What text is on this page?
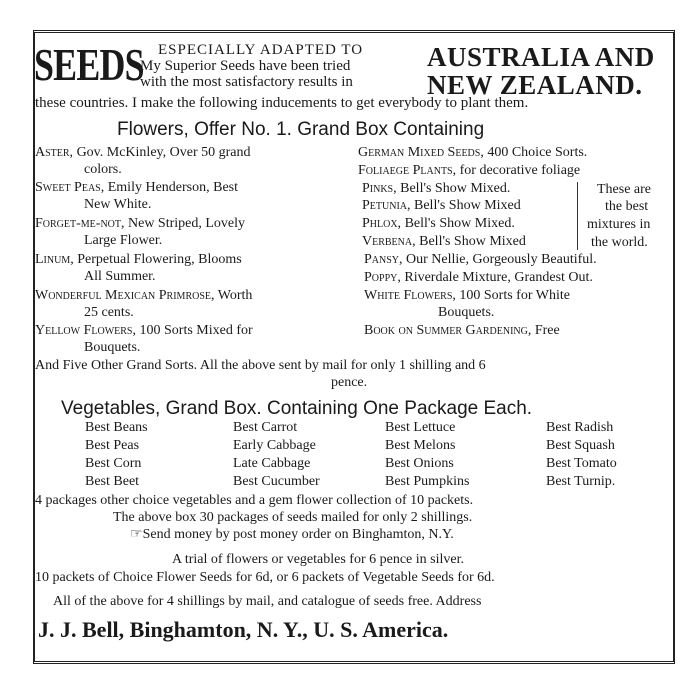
SEEDS ESPECIALLY ADAPTED TO
My Superior Seeds have been tried
with the most satisfactory results in
AUSTRALIA AND
NEW ZEALAND.
these countries. I make the following inducements to get everybody to plant them.
Flowers, Offer No. 1. Grand Box Containing
Aster, Gov. McKinley, Over 50 grand
colors.
Sweet Peas, Emily Henderson, Best
New White.
Forget-me-not, New Striped, Lovely
Large Flower.
Linum, Perpetual Flowering, Blooms
All Summer.
Wonderful Mexican Primrose, Worth
25 cents.
Yellow Flowers, 100 Sorts Mixed for
Bouquets.
German Mixed Seeds, 400 Choice Sorts.
Foliaege Plants, for decorative foliage
Pinks, Bell's Show Mixed.
Petunia, Bell's Show Mixed
Phlox, Bell's Show Mixed.
Verbena, Bell's Show Mixed
These are
the best
mixtures in
the world.
Pansy, Our Nellie, Gorgeously Beautiful.
Poppy, Riverdale Mixture, Grandest Out.
White Flowers, 100 Sorts for White
Bouquets.
Book on Summer Gardening, Free
And Five Other Grand Sorts. All the above sent by mail for only 1 shilling and 6
pence.
Vegetables, Grand Box. Containing One Package Each.
Best Beans
Best Peas
Best Corn
Best Beet
Best Carrot
Early Cabbage
Late Cabbage
Best Cucumber
Best Lettuce
Best Melons
Best Onions
Best Pumpkins
Best Radish
Best Squash
Best Tomato
Best Turnip.
4 packages other choice vegetables and a gem flower collection of 10 packets.
The above box 30 packages of seeds mailed for only 2 shillings.
☞Send money by post money order on Binghamton, N.Y.
A trial of flowers or vegetables for 6 pence in silver.
10 packets of Choice Flower Seeds for 6d, or 6 packets of Vegetable Seeds for 6d.
All of the above for 4 shillings by mail, and catalogue of seeds free. Address
J. J. Bell, Binghamton, N. Y., U. S. America.
